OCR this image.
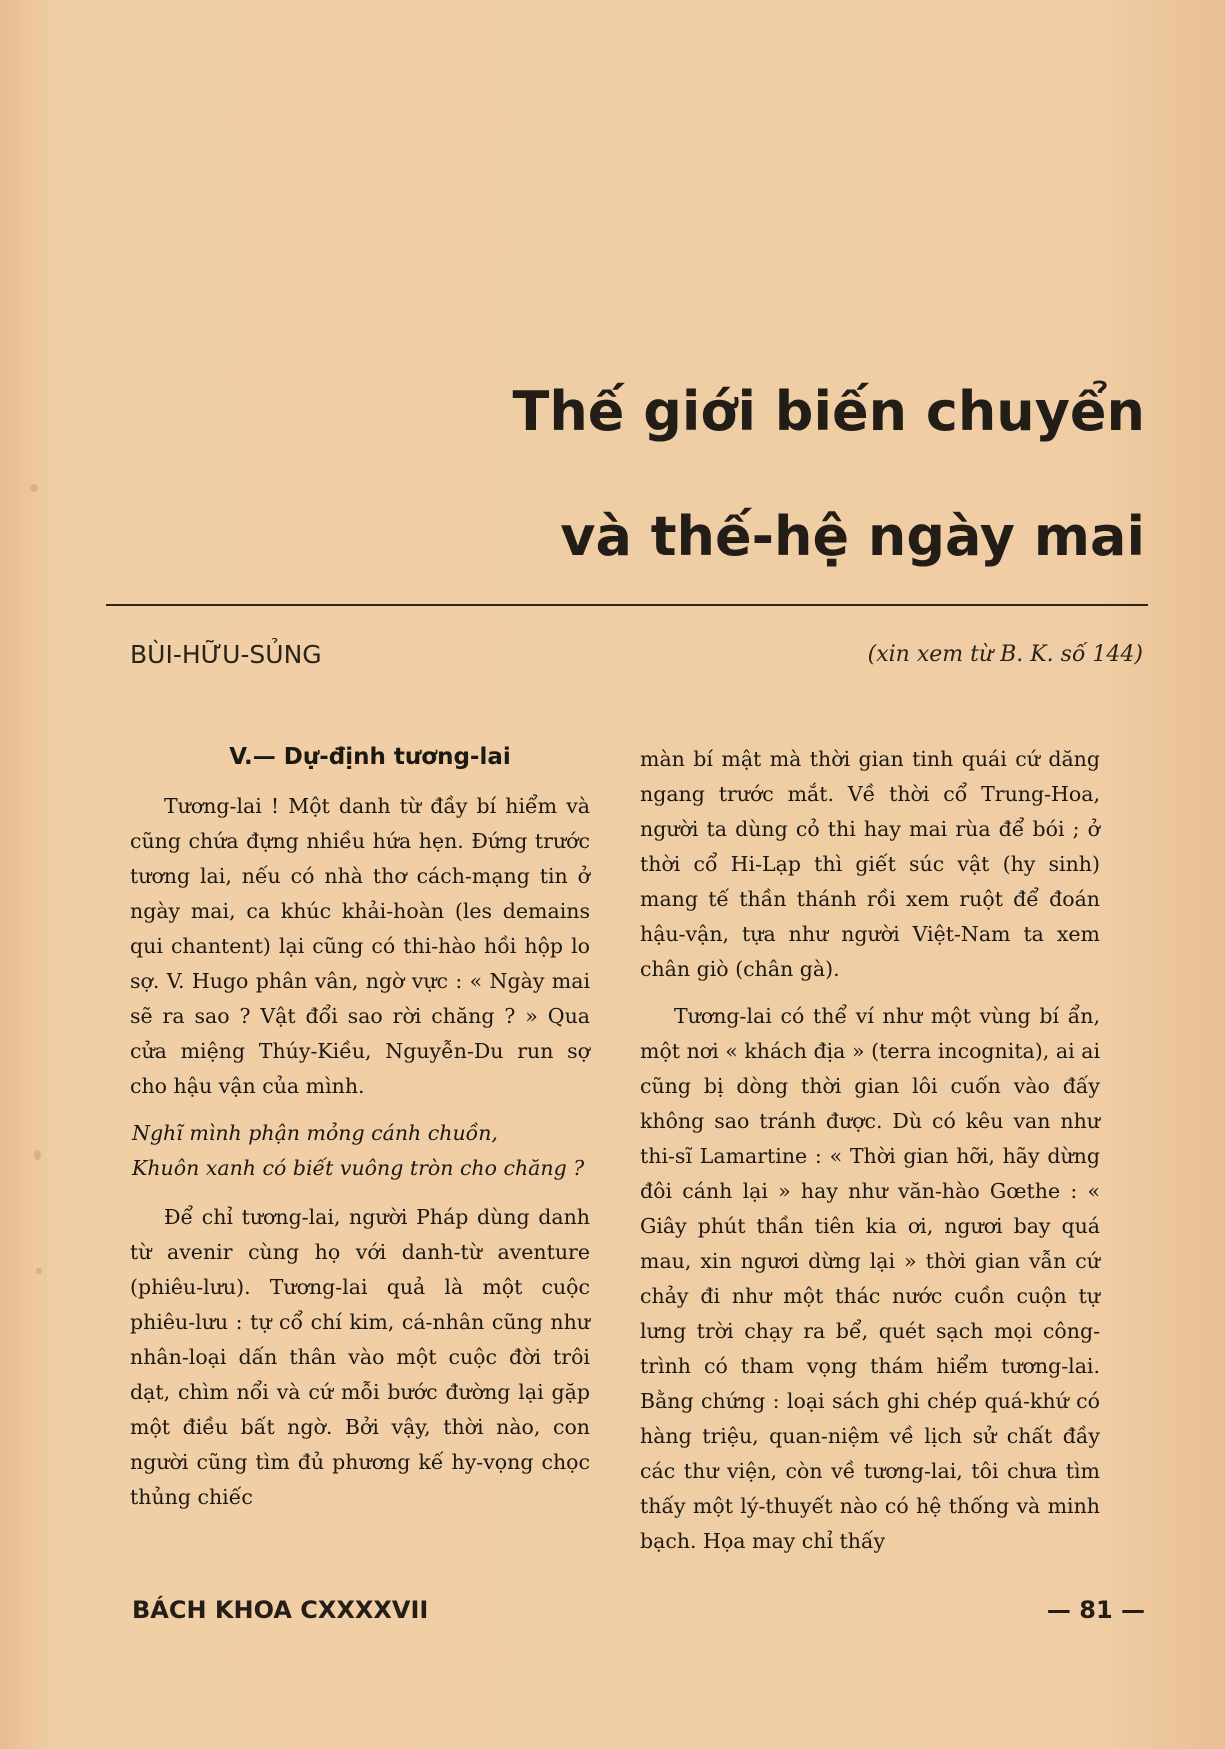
Thế giới biến chuyển
và thế-hệ ngày mai
BÙI-HỮU-SỦNG	(xin xem từ B. K. số 144)
V.— Dự-định tương-lai

Tương-lai ! Một danh từ đầy bí hiểm và cũng chứa đựng nhiều hứa hẹn. Đứng trước tương lai, nếu có nhà thơ cách-mạng tin ở ngày mai, ca khúc khải-hoàn (les demains qui chantent) lại cũng có thi-hào hồi hộp lo sợ. V. Hugo phân vân, ngờ vực : « Ngày mai sẽ ra sao ? Vật đổi sao rời chăng ? » Qua cửa miệng Thúy-Kiều, Nguyễn-Du run sợ cho hậu vận của mình.

Nghĩ mình phận mỏng cánh chuồn,
Khuôn xanh có biết vuông tròn cho chăng ?

Để chỉ tương-lai, người Pháp dùng danh từ avenir cùng họ với danh-từ aventure (phiêu-lưu). Tương-lai quả là một cuộc phiêu-lưu : tự cổ chí kim, cá-nhân cũng như nhân-loại dấn thân vào một cuộc đời trôi dạt, chìm nổi và cứ mỗi bước đường lại gặp một điều bất ngờ. Bởi vậy, thời nào, con người cũng tìm đủ phương kế hy-vọng chọc thủng chiếc

màn bí mật mà thời gian tinh quái cứ dăng ngang trước mắt. Về thời cổ Trung-Hoa, người ta dùng cỏ thi hay mai rùa để bói ; ở thời cổ Hi-Lạp thì giết súc vật (hy sinh) mang tế thần thánh rồi xem ruột để đoán hậu-vận, tựa như người Việt-Nam ta xem chân giò (chân gà).

Tương-lai có thể ví như một vùng bí ẩn, một nơi « khách địa » (terra incognita), ai ai cũng bị dòng thời gian lôi cuốn vào đấy không sao tránh được. Dù có kêu van như thi-sĩ Lamartine : « Thời gian hỡi, hãy dừng đôi cánh lại » hay như văn-hào Gœthe : « Giây phút thần tiên kia ơi, ngươi bay quá mau, xin ngươi dừng lại » thời gian vẫn cứ chảy đi như một thác nước cuồn cuộn tự lưng trời chạy ra bể, quét sạch mọi công-trình có tham vọng thám hiểm tương-lai. Bằng chứng : loại sách ghi chép quá-khứ có hàng triệu, quan-niệm về lịch sử chất đầy các thư viện, còn về tương-lai, tôi chưa tìm thấy một lý-thuyết nào có hệ thống và minh bạch. Họa may chỉ thấy

BÁCH KHOA CXXXXVII	— 81 —
